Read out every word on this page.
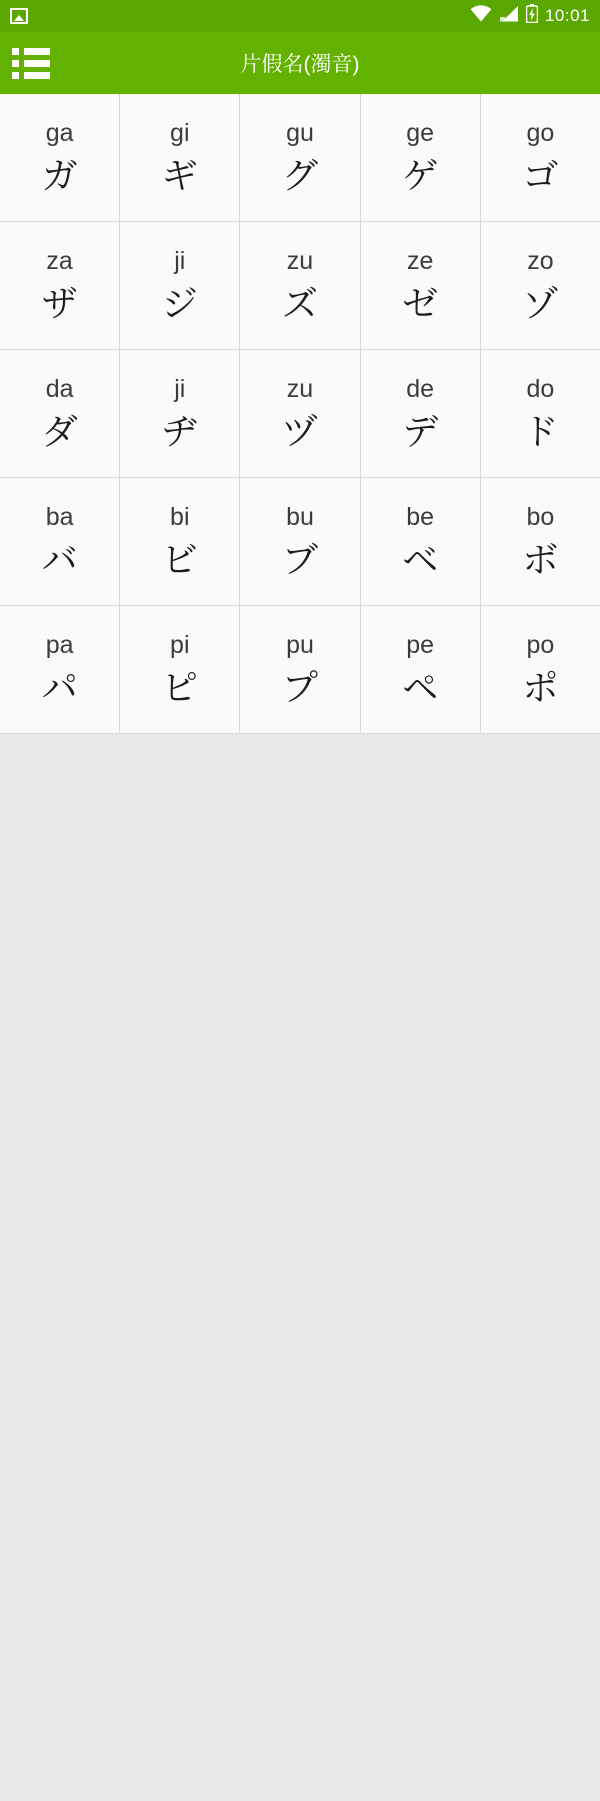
10:01
片假名(濁音)
ga
ガ
gi
ギ
gu
グ
ge
ゲ
go
ゴ
za
ザ
ji
ジ
zu
ズ
ze
ゼ
zo
ゾ
da
ダ
ji
ヂ
zu
ヅ
de
デ
do
ド
ba
バ
bi
ビ
bu
ブ
be
ベ
bo
ボ
pa
パ
pi
ピ
pu
プ
pe
ペ
po
ポ
